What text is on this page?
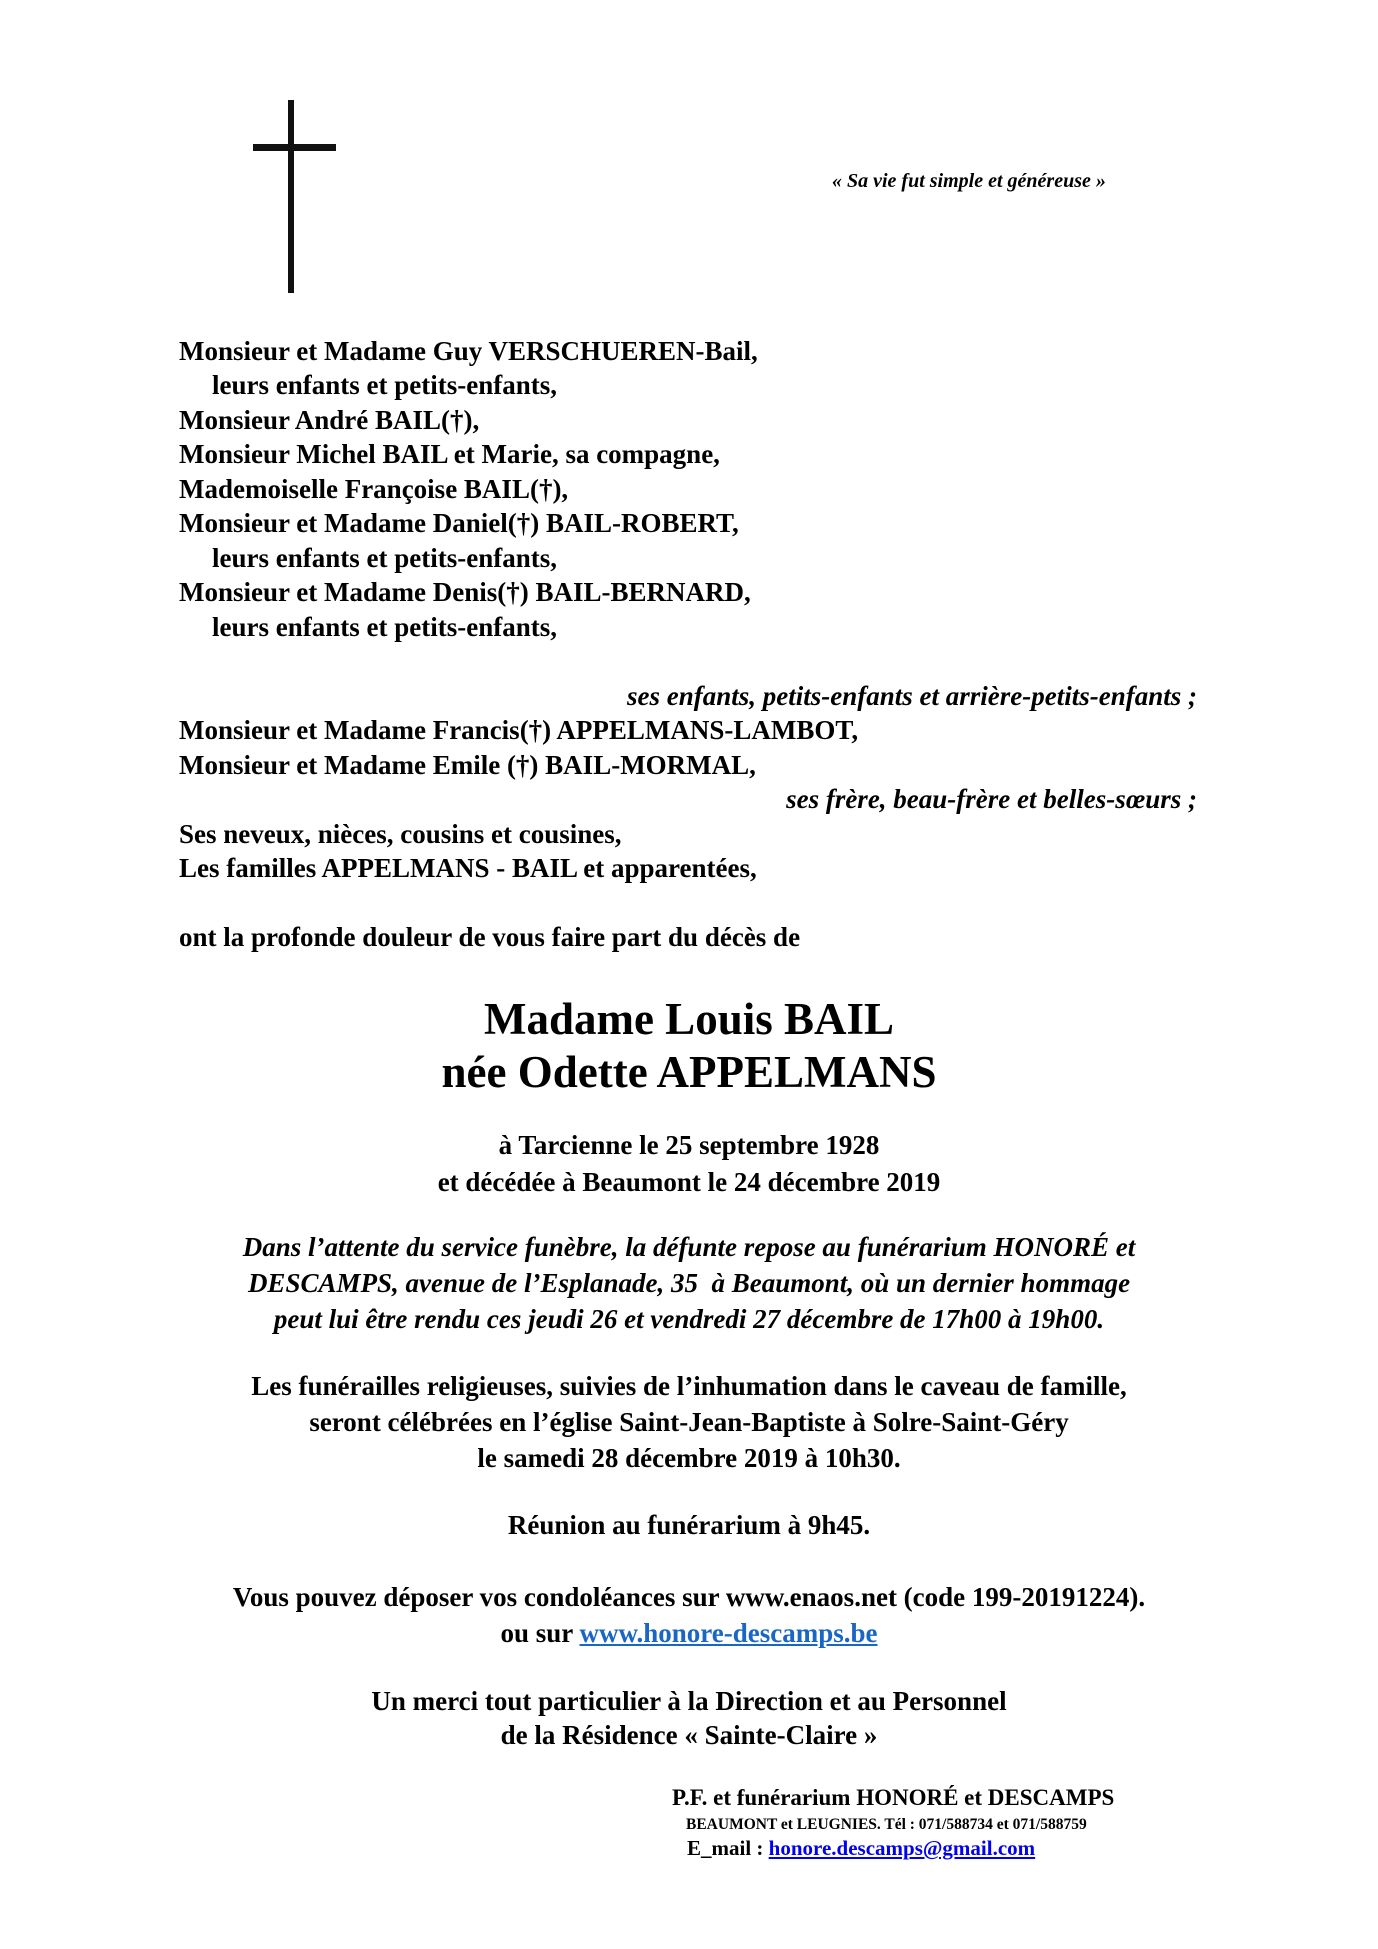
« Sa vie fut simple et généreuse »
Monsieur et Madame Guy VERSCHUEREN-Bail,
leurs enfants et petits-enfants,
Monsieur André BAIL(†),
Monsieur Michel BAIL et Marie, sa compagne,
Mademoiselle Françoise BAIL(†),
Monsieur et Madame Daniel(†) BAIL-ROBERT,
leurs enfants et petits-enfants,
Monsieur et Madame Denis(†) BAIL-BERNARD,
leurs enfants et petits-enfants,
ses enfants, petits-enfants et arrière-petits-enfants ;
Monsieur et Madame Francis(†) APPELMANS-LAMBOT,
Monsieur et Madame Emile (†) BAIL-MORMAL,
ses frère, beau-frère et belles-sœurs ;
Ses neveux, nièces, cousins et cousines,
Les familles APPELMANS - BAIL et apparentées,
ont la profonde douleur de vous faire part du décès de
Madame Louis BAIL
née Odette APPELMANS
à Tarcienne le 25 septembre 1928
et décédée à Beaumont le 24 décembre 2019
Dans l’attente du service funèbre, la défunte repose au funérarium HONORÉ et
DESCAMPS, avenue de l’Esplanade, 35  à Beaumont, où un dernier hommage
peut lui être rendu ces jeudi 26 et vendredi 27 décembre de 17h00 à 19h00.
Les funérailles religieuses, suivies de l’inhumation dans le caveau de famille,
seront célébrées en l’église Saint-Jean-Baptiste à Solre-Saint-Géry
le samedi 28 décembre 2019 à 10h30.
Réunion au funérarium à 9h45.
Vous pouvez déposer vos condoléances sur www.enaos.net (code 199-20191224).
ou sur www.honore-descamps.be
Un merci tout particulier à la Direction et au Personnel
de la Résidence « Sainte-Claire »
P.F. et funérarium HONORÉ et DESCAMPS
BEAUMONT et LEUGNIES. Tél : 071/588734 et 071/588759
E_mail : honore.descamps@gmail.com
